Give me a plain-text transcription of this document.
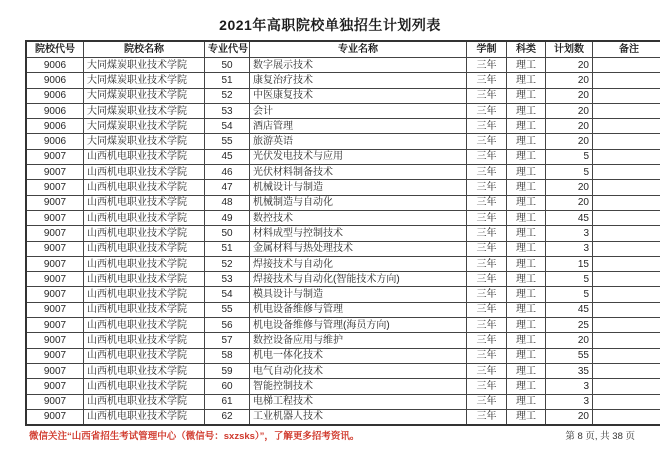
2021年高职院校单独招生计划列表
院校代号	院校名称	专业代号	专业名称	学制	科类	计划数	备注
9006	大同煤炭职业技术学院	50	数字展示技术	三年	理工	20	
9006	大同煤炭职业技术学院	51	康复治疗技术	三年	理工	20	
9006	大同煤炭职业技术学院	52	中医康复技术	三年	理工	20	
9006	大同煤炭职业技术学院	53	会计	三年	理工	20	
9006	大同煤炭职业技术学院	54	酒店管理	三年	理工	20	
9006	大同煤炭职业技术学院	55	旅游英语	三年	理工	20	
9007	山西机电职业技术学院	45	光伏发电技术与应用	三年	理工	5	
9007	山西机电职业技术学院	46	光伏材料制备技术	三年	理工	5	
9007	山西机电职业技术学院	47	机械设计与制造	三年	理工	20	
9007	山西机电职业技术学院	48	机械制造与自动化	三年	理工	20	
9007	山西机电职业技术学院	49	数控技术	三年	理工	45	
9007	山西机电职业技术学院	50	材料成型与控制技术	三年	理工	3	
9007	山西机电职业技术学院	51	金属材料与热处理技术	三年	理工	3	
9007	山西机电职业技术学院	52	焊接技术与自动化	三年	理工	15	
9007	山西机电职业技术学院	53	焊接技术与自动化(智能技术方向)	三年	理工	5	
9007	山西机电职业技术学院	54	模具设计与制造	三年	理工	5	
9007	山西机电职业技术学院	55	机电设备维修与管理	三年	理工	45	
9007	山西机电职业技术学院	56	机电设备维修与管理(海员方向)	三年	理工	25	
9007	山西机电职业技术学院	57	数控设备应用与维护	三年	理工	20	
9007	山西机电职业技术学院	58	机电一体化技术	三年	理工	55	
9007	山西机电职业技术学院	59	电气自动化技术	三年	理工	35	
9007	山西机电职业技术学院	60	智能控制技术	三年	理工	3	
9007	山西机电职业技术学院	61	电梯工程技术	三年	理工	3	
9007	山西机电职业技术学院	62	工业机器人技术	三年	理工	20	
微信关注“山西省招生考试管理中心（微信号：sxzsks）”，了解更多招考资讯。	第 8 页, 共 38 页
